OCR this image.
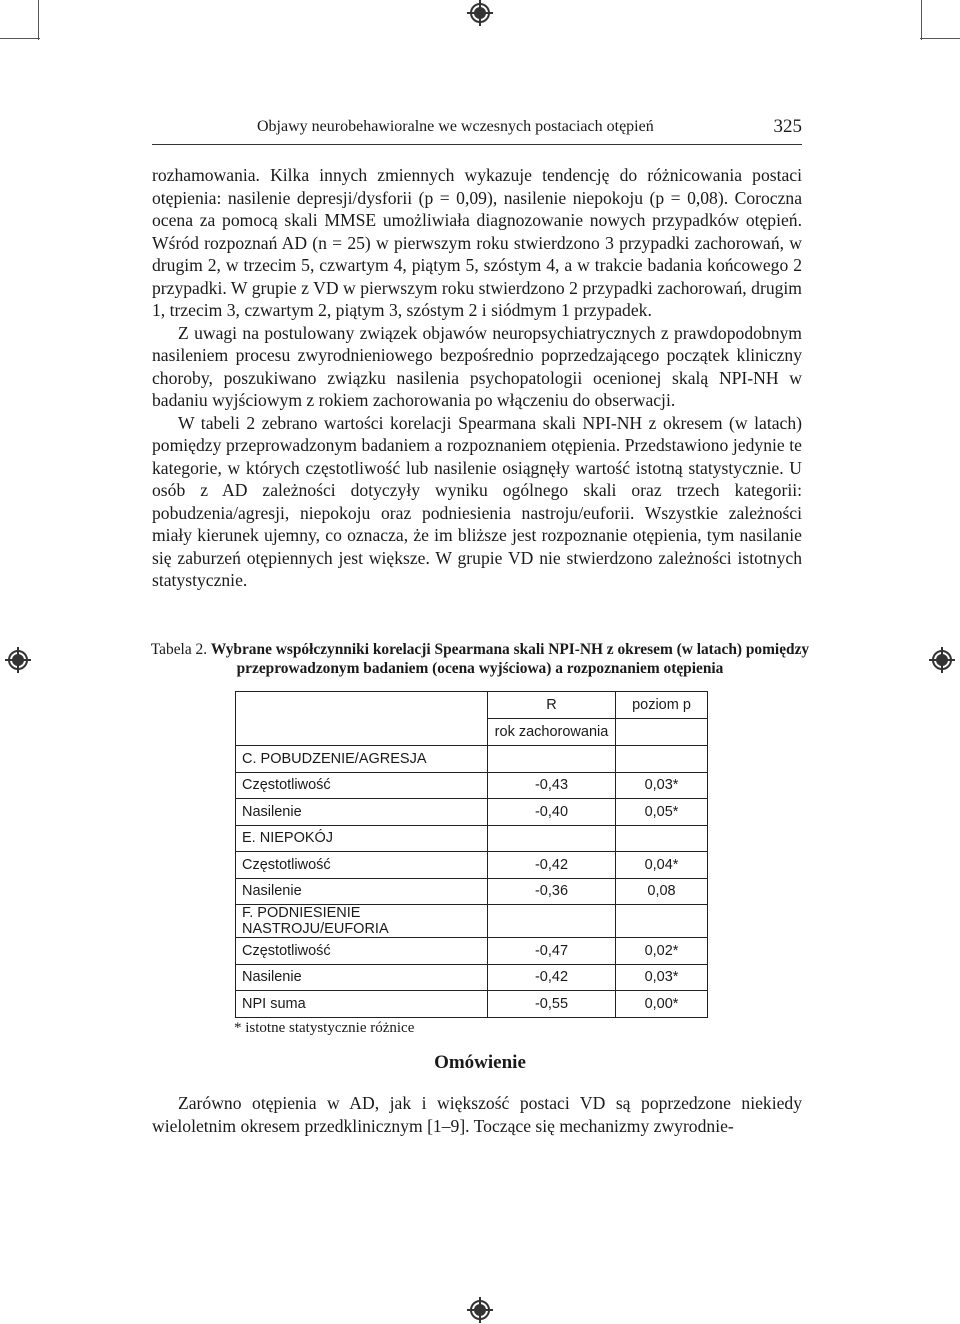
Objawy neurobehawioralne we wczesnych postaciach otępień	325

rozhamowania. Kilka innych zmiennych wykazuje tendencję do różnicowania postaci otępienia: nasilenie depresji/dysforii (p = 0,09), nasilenie niepokoju (p = 0,08). Coroczna ocena za pomocą skali MMSE umożliwiała diagnozowanie nowych przypadków otępień. Wśród rozpoznań AD (n = 25) w pierwszym roku stwierdzono 3 przypadki zachorowań, w drugim 2, w trzecim 5, czwartym 4, piątym 5, szóstym 4, a w trakcie badania końcowego 2 przypadki. W grupie z VD w pierwszym roku stwierdzono 2 przypadki zachorowań, drugim 1, trzecim 3, czwartym 2, piątym 3, szóstym 2 i siódmym 1 przypadek.

Z uwagi na postulowany związek objawów neuropsychiatrycznych z prawdopodobnym nasileniem procesu zwyrodnieniowego bezpośrednio poprzedzającego początek kliniczny choroby, poszukiwano związku nasilenia psychopatologii ocenionej skalą NPI-NH w badaniu wyjściowym z rokiem zachorowania po włączeniu do obserwacji.

W tabeli 2 zebrano wartości korelacji Spearmana skali NPI-NH z okresem (w latach) pomiędzy przeprowadzonym badaniem a rozpoznaniem otępienia. Przedstawiono jedynie te kategorie, w których częstotliwość lub nasilenie osiągnęły wartość istotną statystycznie. U osób z AD zależności dotyczyły wyniku ogólnego skali oraz trzech kategorii: pobudzenia/agresji, niepokoju oraz podniesienia nastroju/euforii. Wszystkie zależności miały kierunek ujemny, co oznacza, że im bliższe jest rozpoznanie otępienia, tym nasilanie się zaburzeń otępiennych jest większe. W grupie VD nie stwierdzono zależności istotnych statystycznie.

Tabela 2. Wybrane współczynniki korelacji Spearmana skali NPI-NH z okresem (w latach) pomiędzy przeprowadzonym badaniem (ocena wyjściowa) a rozpoznaniem otępienia
	R	poziom p
	rok zachorowania	
C. POBUDZENIE/AGRESJA		
Częstotliwość	-0,43	0,03*
Nasilenie	-0,40	0,05*
E. NIEPOKÓJ		
Częstotliwość	-0,42	0,04*
Nasilenie	-0,36	0,08
F. PODNIESIENIE NASTROJU/EUFORIA		
Częstotliwość	-0,47	0,02*
Nasilenie	-0,42	0,03*
NPI suma	-0,55	0,00*
* istotne statystycznie różnice
Omówienie

Zarówno otępienia w AD, jak i większość postaci VD są poprzedzone niekiedy wieloletnim okresem przedklinicznym [1–9]. Toczące się mechanizmy zwyrodnie-
